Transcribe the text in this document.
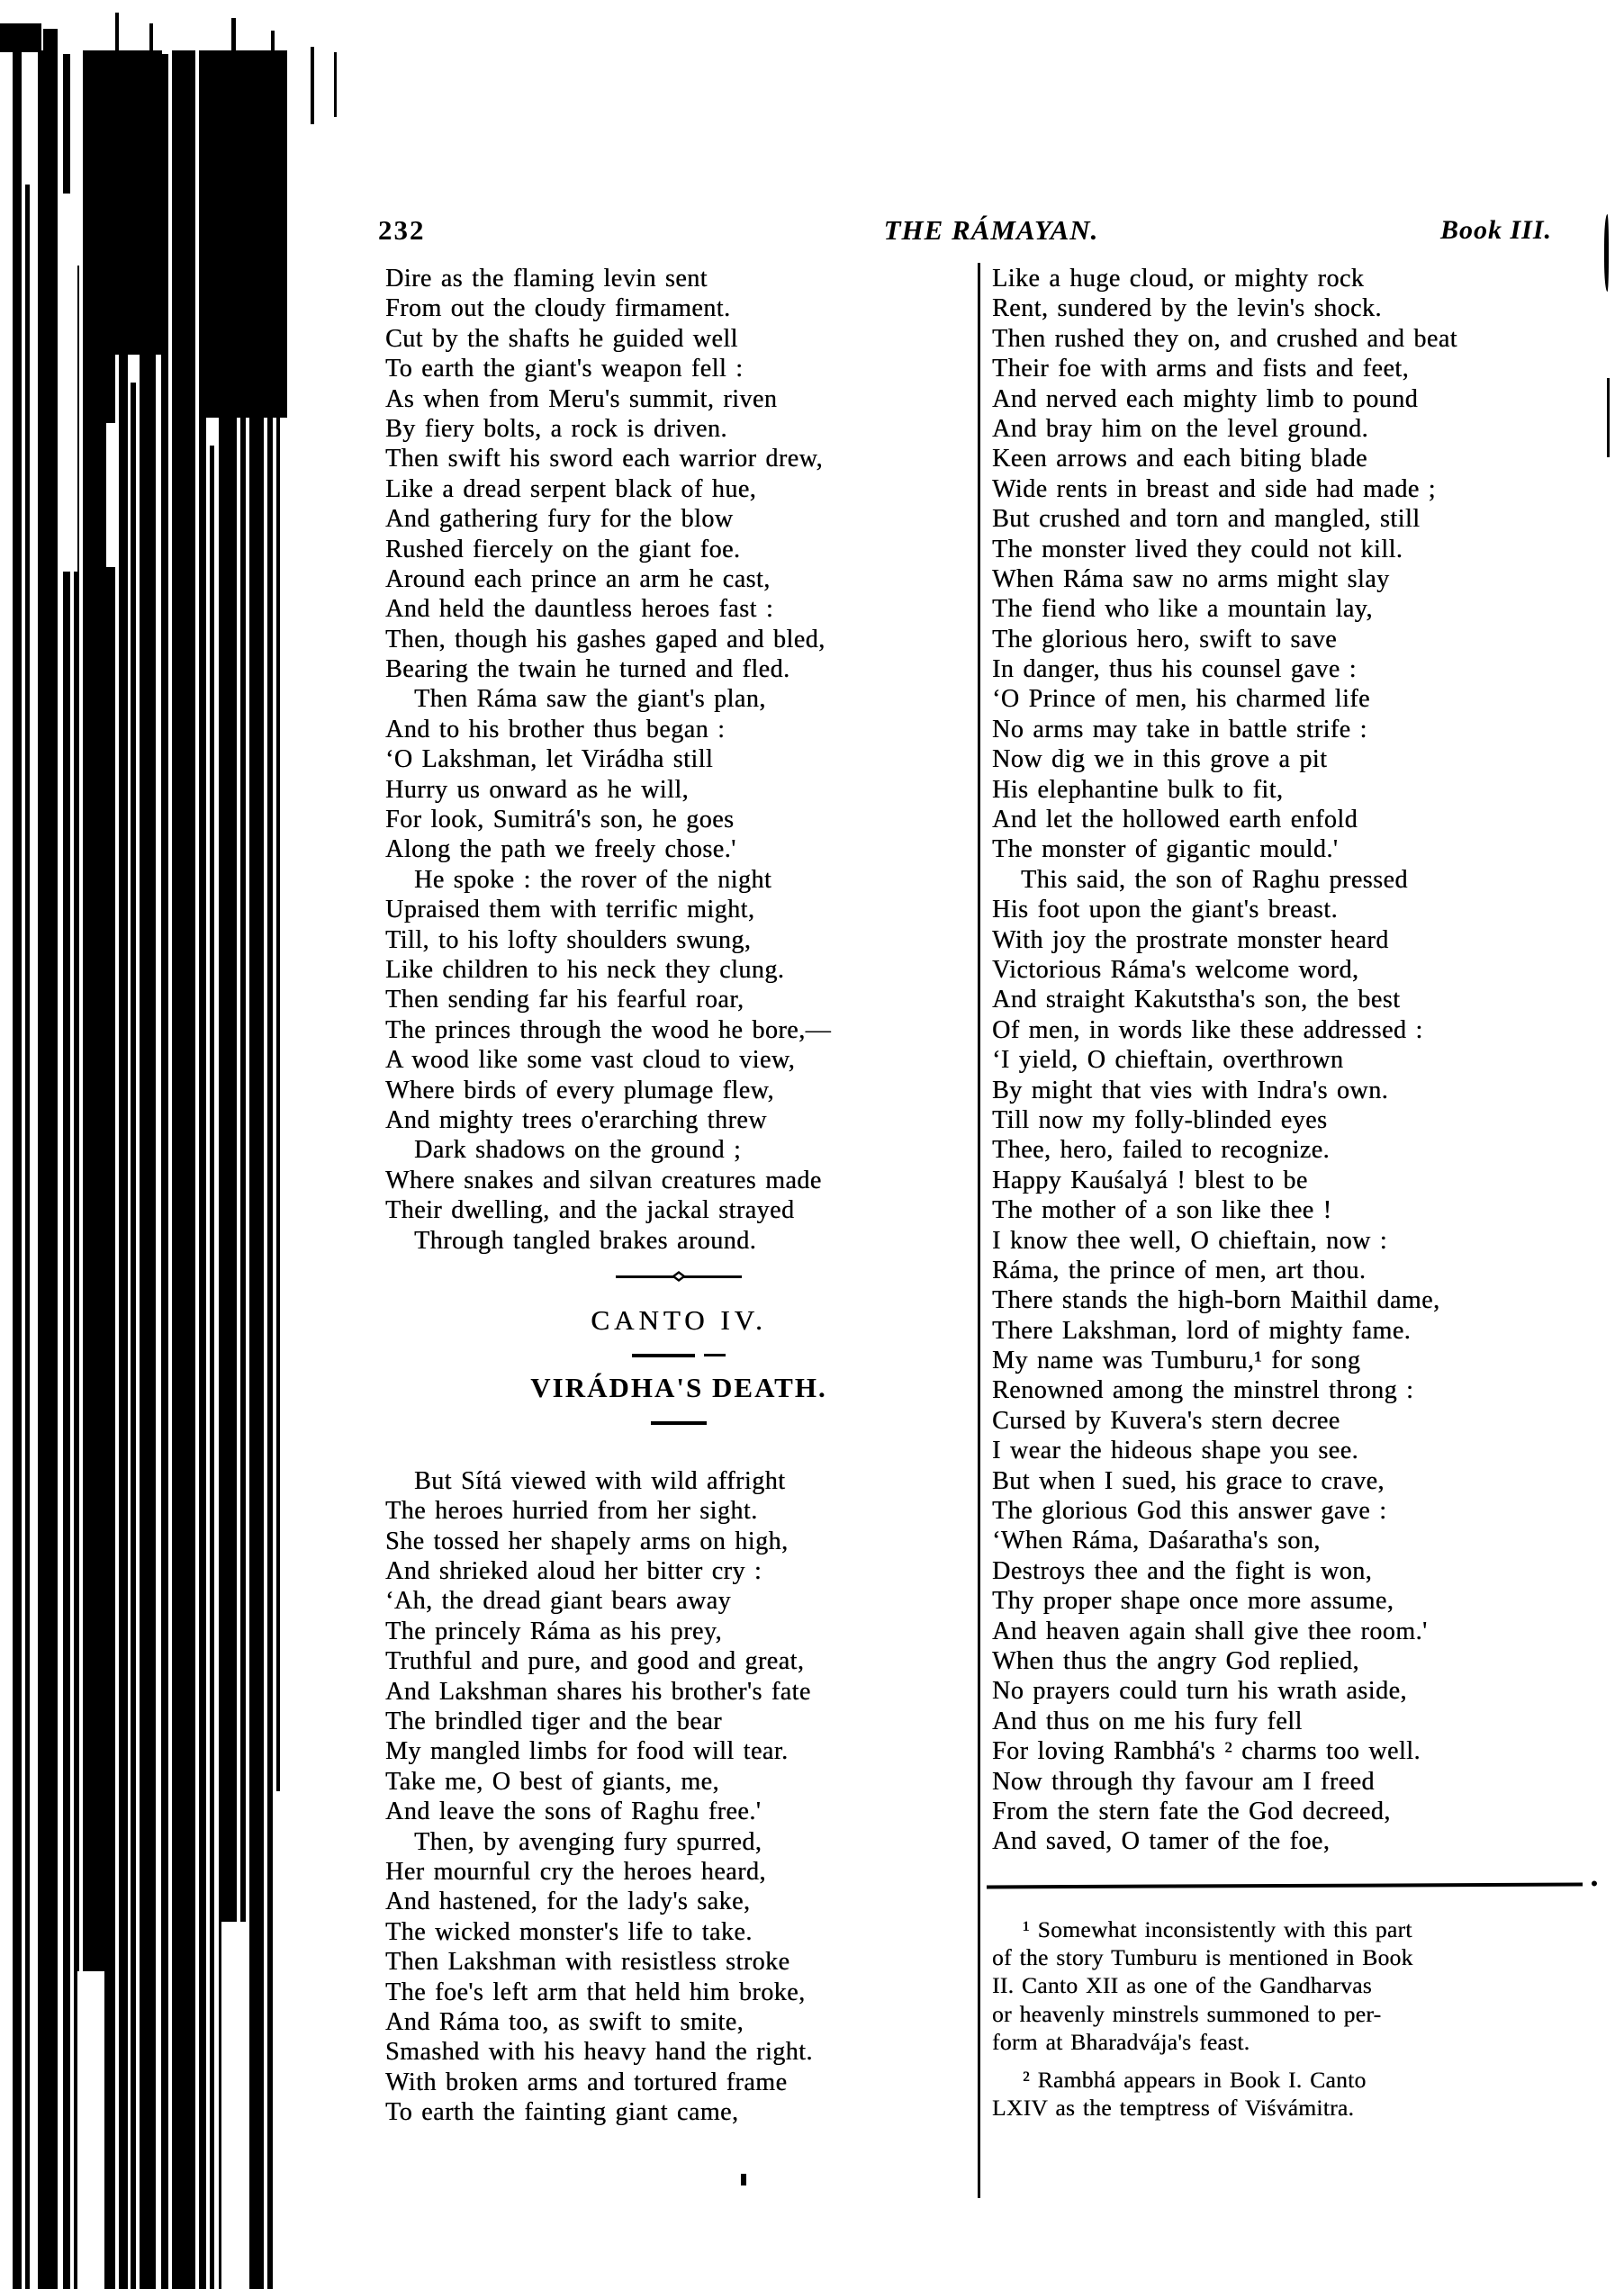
232	THE RÁMAYAN.	Book III.
Dire as the flaming levin sent
From out the cloudy firmament.
Cut by the shafts he guided well
To earth the giant's weapon fell :
As when from Meru's summit, riven
By fiery bolts, a rock is driven.
Then swift his sword each warrior drew,
Like a dread serpent black of hue,
And gathering fury for the blow
Rushed fiercely on the giant foe.
Around each prince an arm he cast,
And held the dauntless heroes fast :
Then, though his gashes gaped and bled,
Bearing the twain he turned and fled.
Then Ráma saw the giant's plan,
And to his brother thus began :
‘O Lakshman, let Virádha still
Hurry us onward as he will,
For look, Sumitrá's son, he goes
Along the path we freely chose.'
He spoke : the rover of the night
Upraised them with terrific might,
Till, to his lofty shoulders swung,
Like children to his neck they clung.
Then sending far his fearful roar,
The princes through the wood he bore,—
A wood like some vast cloud to view,
Where birds of every plumage flew,
And mighty trees o'erarching threw
Dark shadows on the ground ;
Where snakes and silvan creatures made
Their dwelling, and the jackal strayed
Through tangled brakes around.
CANTO IV.
VIRÁDHA'S DEATH.
But Sítá viewed with wild affright
The heroes hurried from her sight.
She tossed her shapely arms on high,
And shrieked aloud her bitter cry :
‘Ah, the dread giant bears away
The princely Ráma as his prey,
Truthful and pure, and good and great,
And Lakshman shares his brother's fate
The brindled tiger and the bear
My mangled limbs for food will tear.
Take me, O best of giants, me,
And leave the sons of Raghu free.'
Then, by avenging fury spurred,
Her mournful cry the heroes heard,
And hastened, for the lady's sake,
The wicked monster's life to take.
Then Lakshman with resistless stroke
The foe's left arm that held him broke,
And Ráma too, as swift to smite,
Smashed with his heavy hand the right.
With broken arms and tortured frame
To earth the fainting giant came,
Like a huge cloud, or mighty rock
Rent, sundered by the levin's shock.
Then rushed they on, and crushed and beat
Their foe with arms and fists and feet,
And nerved each mighty limb to pound
And bray him on the level ground.
Keen arrows and each biting blade
Wide rents in breast and side had made ;
But crushed and torn and mangled, still
The monster lived they could not kill.
When Ráma saw no arms might slay
The fiend who like a mountain lay,
The glorious hero, swift to save
In danger, thus his counsel gave :
‘O Prince of men, his charmed life
No arms may take in battle strife :
Now dig we in this grove a pit
His elephantine bulk to fit,
And let the hollowed earth enfold
The monster of gigantic mould.'
This said, the son of Raghu pressed
His foot upon the giant's breast.
With joy the prostrate monster heard
Victorious Ráma's welcome word,
And straight Kakutstha's son, the best
Of men, in words like these addressed :
‘I yield, O chieftain, overthrown
By might that vies with Indra's own.
Till now my folly-blinded eyes
Thee, hero, failed to recognize.
Happy Kauśalyá ! blest to be
The mother of a son like thee !
I know thee well, O chieftain, now :
Ráma, the prince of men, art thou.
There stands the high-born Maithil dame,
There Lakshman, lord of mighty fame.
My name was Tumburu,¹ for song
Renowned among the minstrel throng :
Cursed by Kuvera's stern decree
I wear the hideous shape you see.
But when I sued, his grace to crave,
The glorious God this answer gave :
‘When Ráma, Daśaratha's son,
Destroys thee and the fight is won,
Thy proper shape once more assume,
And heaven again shall give thee room.'
When thus the angry God replied,
No prayers could turn his wrath aside,
And thus on me his fury fell
For loving Rambhá's ² charms too well.
Now through thy favour am I freed
From the stern fate the God decreed,
And saved, O tamer of the foe,
¹ Somewhat inconsistently with this part
of the story Tumburu is mentioned in Book
II. Canto XII as one of the Gandharvas
or heavenly minstrels summoned to per-
form at Bharadvája's feast.
² Rambhá appears in Book I. Canto
LXIV as the temptress of Viśvámitra.
